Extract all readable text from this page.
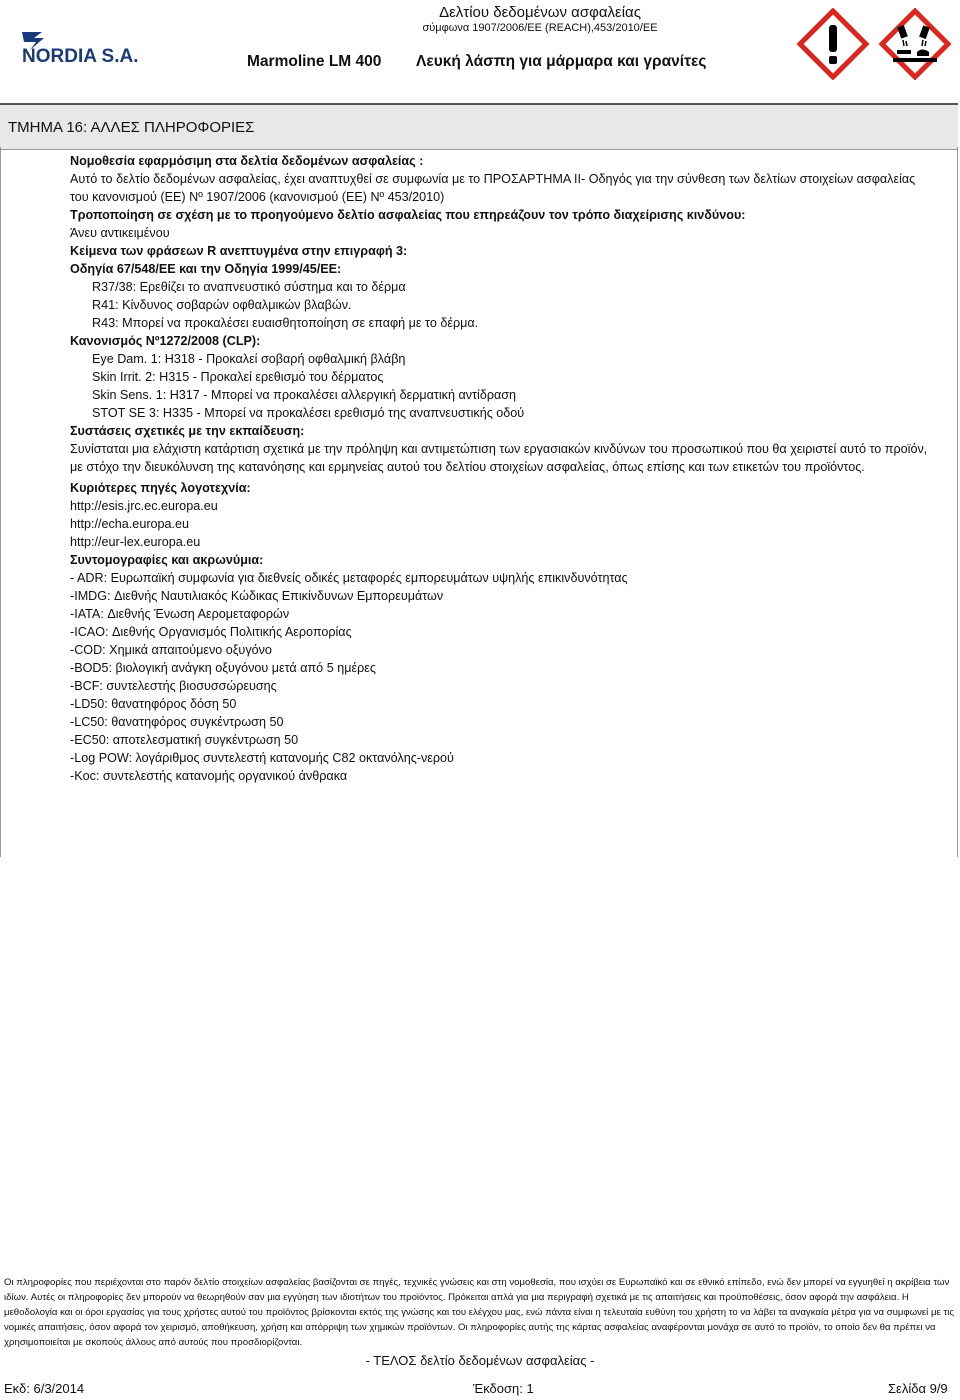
NORDIA S.A.
Δελτίου δεδομένων ασφαλείας
σύμφωνα 1907/2006/ΕΕ (REACH),453/2010/ΕΕ
Marmoline LM 400 Λευκή λάσπη για μάρμαρα και γρανίτες
ΤΜΗΜΑ 16: ΑΛΛΕΣ ΠΛΗΡΟΦΟΡΙΕΣ

Νομοθεσία εφαρμόσιμη στα δελτία δεδομένων ασφαλείας :

Αυτό το δελτίο δεδομένων ασφαλείας, έχει αναπτυχθεί σε συμφωνία με το ΠΡΟΣΑΡΤΗΜΑ II- Οδηγός για την σύνθεση των δελτίων στοιχείων ασφαλείας του κανονισμού (ΕΕ) Nº 1907/2006 (κανονισμού (ΕΕ) Nº 453/2010)

Τροποποίηση σε σχέση με το προηγούμενο δελτίο ασφαλείας που επηρεάζουν τον τρόπο διαχείρισης κινδύνου:

Άνευ αντικειμένου

Κείμενα των φράσεων R ανεπτυγμένα στην επιγραφή 3:

Οδηγία 67/548/ΕΕ και την Οδηγία 1999/45/ΕΕ:

R37/38: Ερεθίζει το αναπνευστικό σύστημα και το δέρμα

R41: Κίνδυνος σοβαρών οφθαλμικών βλαβών.

R43: Μπορεί να προκαλέσει ευαισθητοποίηση σε επαφή με το δέρμα.

Κανονισμός Nº1272/2008 (CLP):

Eye Dam. 1: H318 - Προκαλεί σοβαρή οφθαλμική βλάβη

Skin Irrit. 2: H315 - Προκαλεί ερεθισμό του δέρματος

Skin Sens. 1: H317 - Μπορεί να προκαλέσει αλλεργική δερματική αντίδραση

STOT SE 3: H335 - Μπορεί να προκαλέσει ερεθισμό της αναπνευστικής οδού

Συστάσεις σχετικές με την εκπαίδευση:

Συνίσταται μια ελάχιστη κατάρτιση σχετικά με την πρόληψη και αντιμετώπιση των εργασιακών κινδύνων του προσωπικού που θα χειριστεί αυτό το προϊόν, με στόχο την διευκόλυνση της κατανόησης και ερμηνείας αυτού του δελτίου στοιχείων ασφαλείας, όπως επίσης και των ετικετών του προϊόντος.

Κυριότερες πηγές λογοτεχνία:

http://esis.jrc.ec.europa.eu

http://echa.europa.eu

http://eur-lex.europa.eu

Συντομογραφίες και ακρωνύμια:

- ADR: Ευρωπαϊκή συμφωνία για διεθνείς οδικές μεταφορές εμπορευμάτων υψηλής επικινδυνότητας

-IMDG: Διεθνής Ναυτιλιακός Κώδικας Επικίνδυνων Εμπορευμάτων

-IATA: Διεθνής Ένωση Αερομεταφορών

-ICAO: Διεθνής Οργανισμός Πολιτικής Αεροπορίας

-COD: Χημικά απαιτούμενο οξυγόνο

-BOD5: βιολογική ανάγκη οξυγόνου μετά από 5 ημέρες

-BCF: συντελεστής βιοσυσσώρευσης

-LD50: θανατηφόρος δόση 50

-LC50: θανατηφόρος συγκέντρωση 50

-EC50: αποτελεσματική συγκέντρωση 50

-Log POW: λογάριθμος συντελεστή κατανομής C82 οκτανόλης-νερού

-Koc: συντελεστής κατανομής οργανικού άνθρακα

Οι πληροφορίες που περιέχονται στο παρόν δελτίο στοιχείων ασφαλείας βασίζονται σε πηγές, τεχνικές γνώσεις και στη νομοθεσία, που ισχύει σε Ευρωπαϊκό και σε εθνικό επίπεδο, ενώ δεν μπορεί να εγγυηθεί η ακρίβεια των ιδίων. Αυτές οι πληροφορίες δεν μπορούν να θεωρηθούν σαν μια εγγύηση των ιδιοτήτων του προϊόντος. Πρόκειται απλά για μια περιγραφή σχετικά με τις απαιτήσεις και προϋποθέσεις, όσον αφορά την ασφάλεια. Η μεθοδολογία και οι όροι εργασίας για τους χρήστες αυτού του προϊόντος βρίσκονται εκτός της γνώσης και του ελέγχου μας, ενώ πάντα είναι η τελευταία ευθύνη του χρήστη το να λάβει τα αναγκαία μέτρα για να συμφωνεί με τις νομικές απαιτήσεις, όσον αφορά τον χειρισμό, αποθήκευση, χρήση και απόρριψη των χημικών προϊόντων. Οι πληροφορίες αυτής της κάρτας ασφαλείας αναφέρονται μονάχα σε αυτό το προϊόν, το οποίο δεν θα πρέπει να χρησιμοποιείται με σκοπούς άλλους από αυτούς που προσδιορίζονται.
- ΤΕΛΟΣ δελτίο δεδομένων ασφαλείας -
Εκδ: 6/3/2014	Έκδοση: 1	Σελίδα 9/9
